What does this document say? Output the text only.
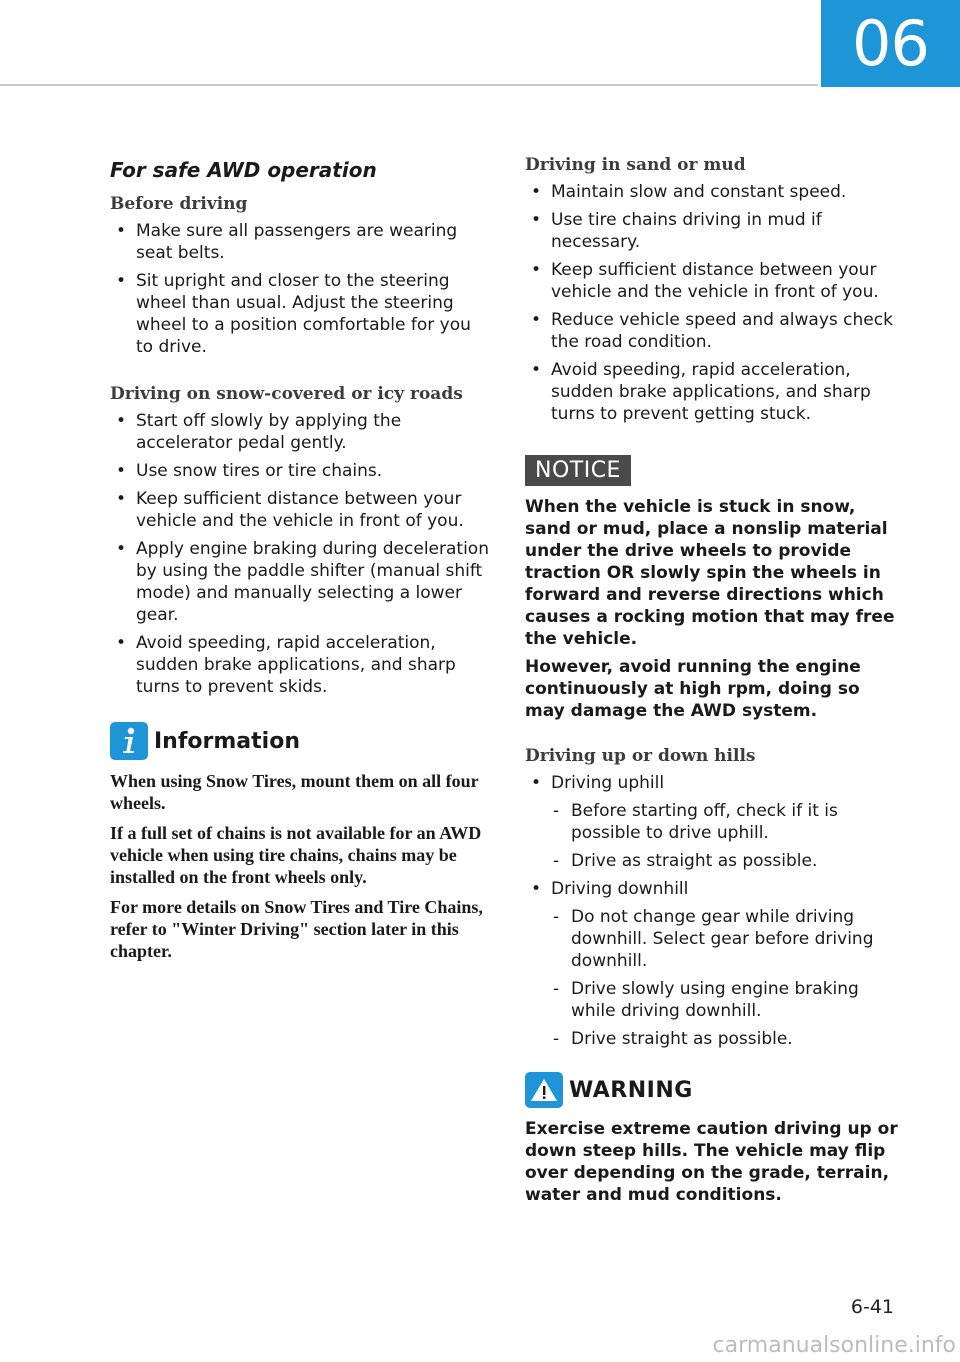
06
For safe AWD operation
Before driving
• Make sure all passengers are wearing seat belts.
• Sit upright and closer to the steering wheel than usual. Adjust the steering wheel to a position comfortable for you to drive.
Driving on snow-covered or icy roads
• Start off slowly by applying the accelerator pedal gently.
• Use snow tires or tire chains.
• Keep sufficient distance between your vehicle and the vehicle in front of you.
• Apply engine braking during deceleration by using the paddle shifter (manual shift mode) and manually selecting a lower gear.
• Avoid speeding, rapid acceleration, sudden brake applications, and sharp turns to prevent skids.
Information

When using Snow Tires, mount them on all four wheels.

If a full set of chains is not available for an AWD vehicle when using tire chains, chains may be installed on the front wheels only.

For more details on Snow Tires and Tire Chains, refer to "Winter Driving" section later in this chapter.

Driving in sand or mud
• Maintain slow and constant speed.
• Use tire chains driving in mud if necessary.
• Keep sufficient distance between your vehicle and the vehicle in front of you.
• Reduce vehicle speed and always check the road condition.
• Avoid speeding, rapid acceleration, sudden brake applications, and sharp turns to prevent getting stuck.
NOTICE

When the vehicle is stuck in snow, sand or mud, place a nonslip material under the drive wheels to provide traction OR slowly spin the wheels in forward and reverse directions which causes a rocking motion that may free the vehicle.

However, avoid running the engine continuously at high rpm, doing so may damage the AWD system.

Driving up or down hills
• Driving uphill
- Before starting off, check if it is possible to drive uphill.
- Drive as straight as possible.
• Driving downhill
- Do not change gear while driving downhill. Select gear before driving downhill.
- Drive slowly using engine braking while driving downhill.
- Drive straight as possible.
WARNING

Exercise extreme caution driving up or down steep hills. The vehicle may flip over depending on the grade, terrain, water and mud conditions.

6-41
carmanualsonline.info
